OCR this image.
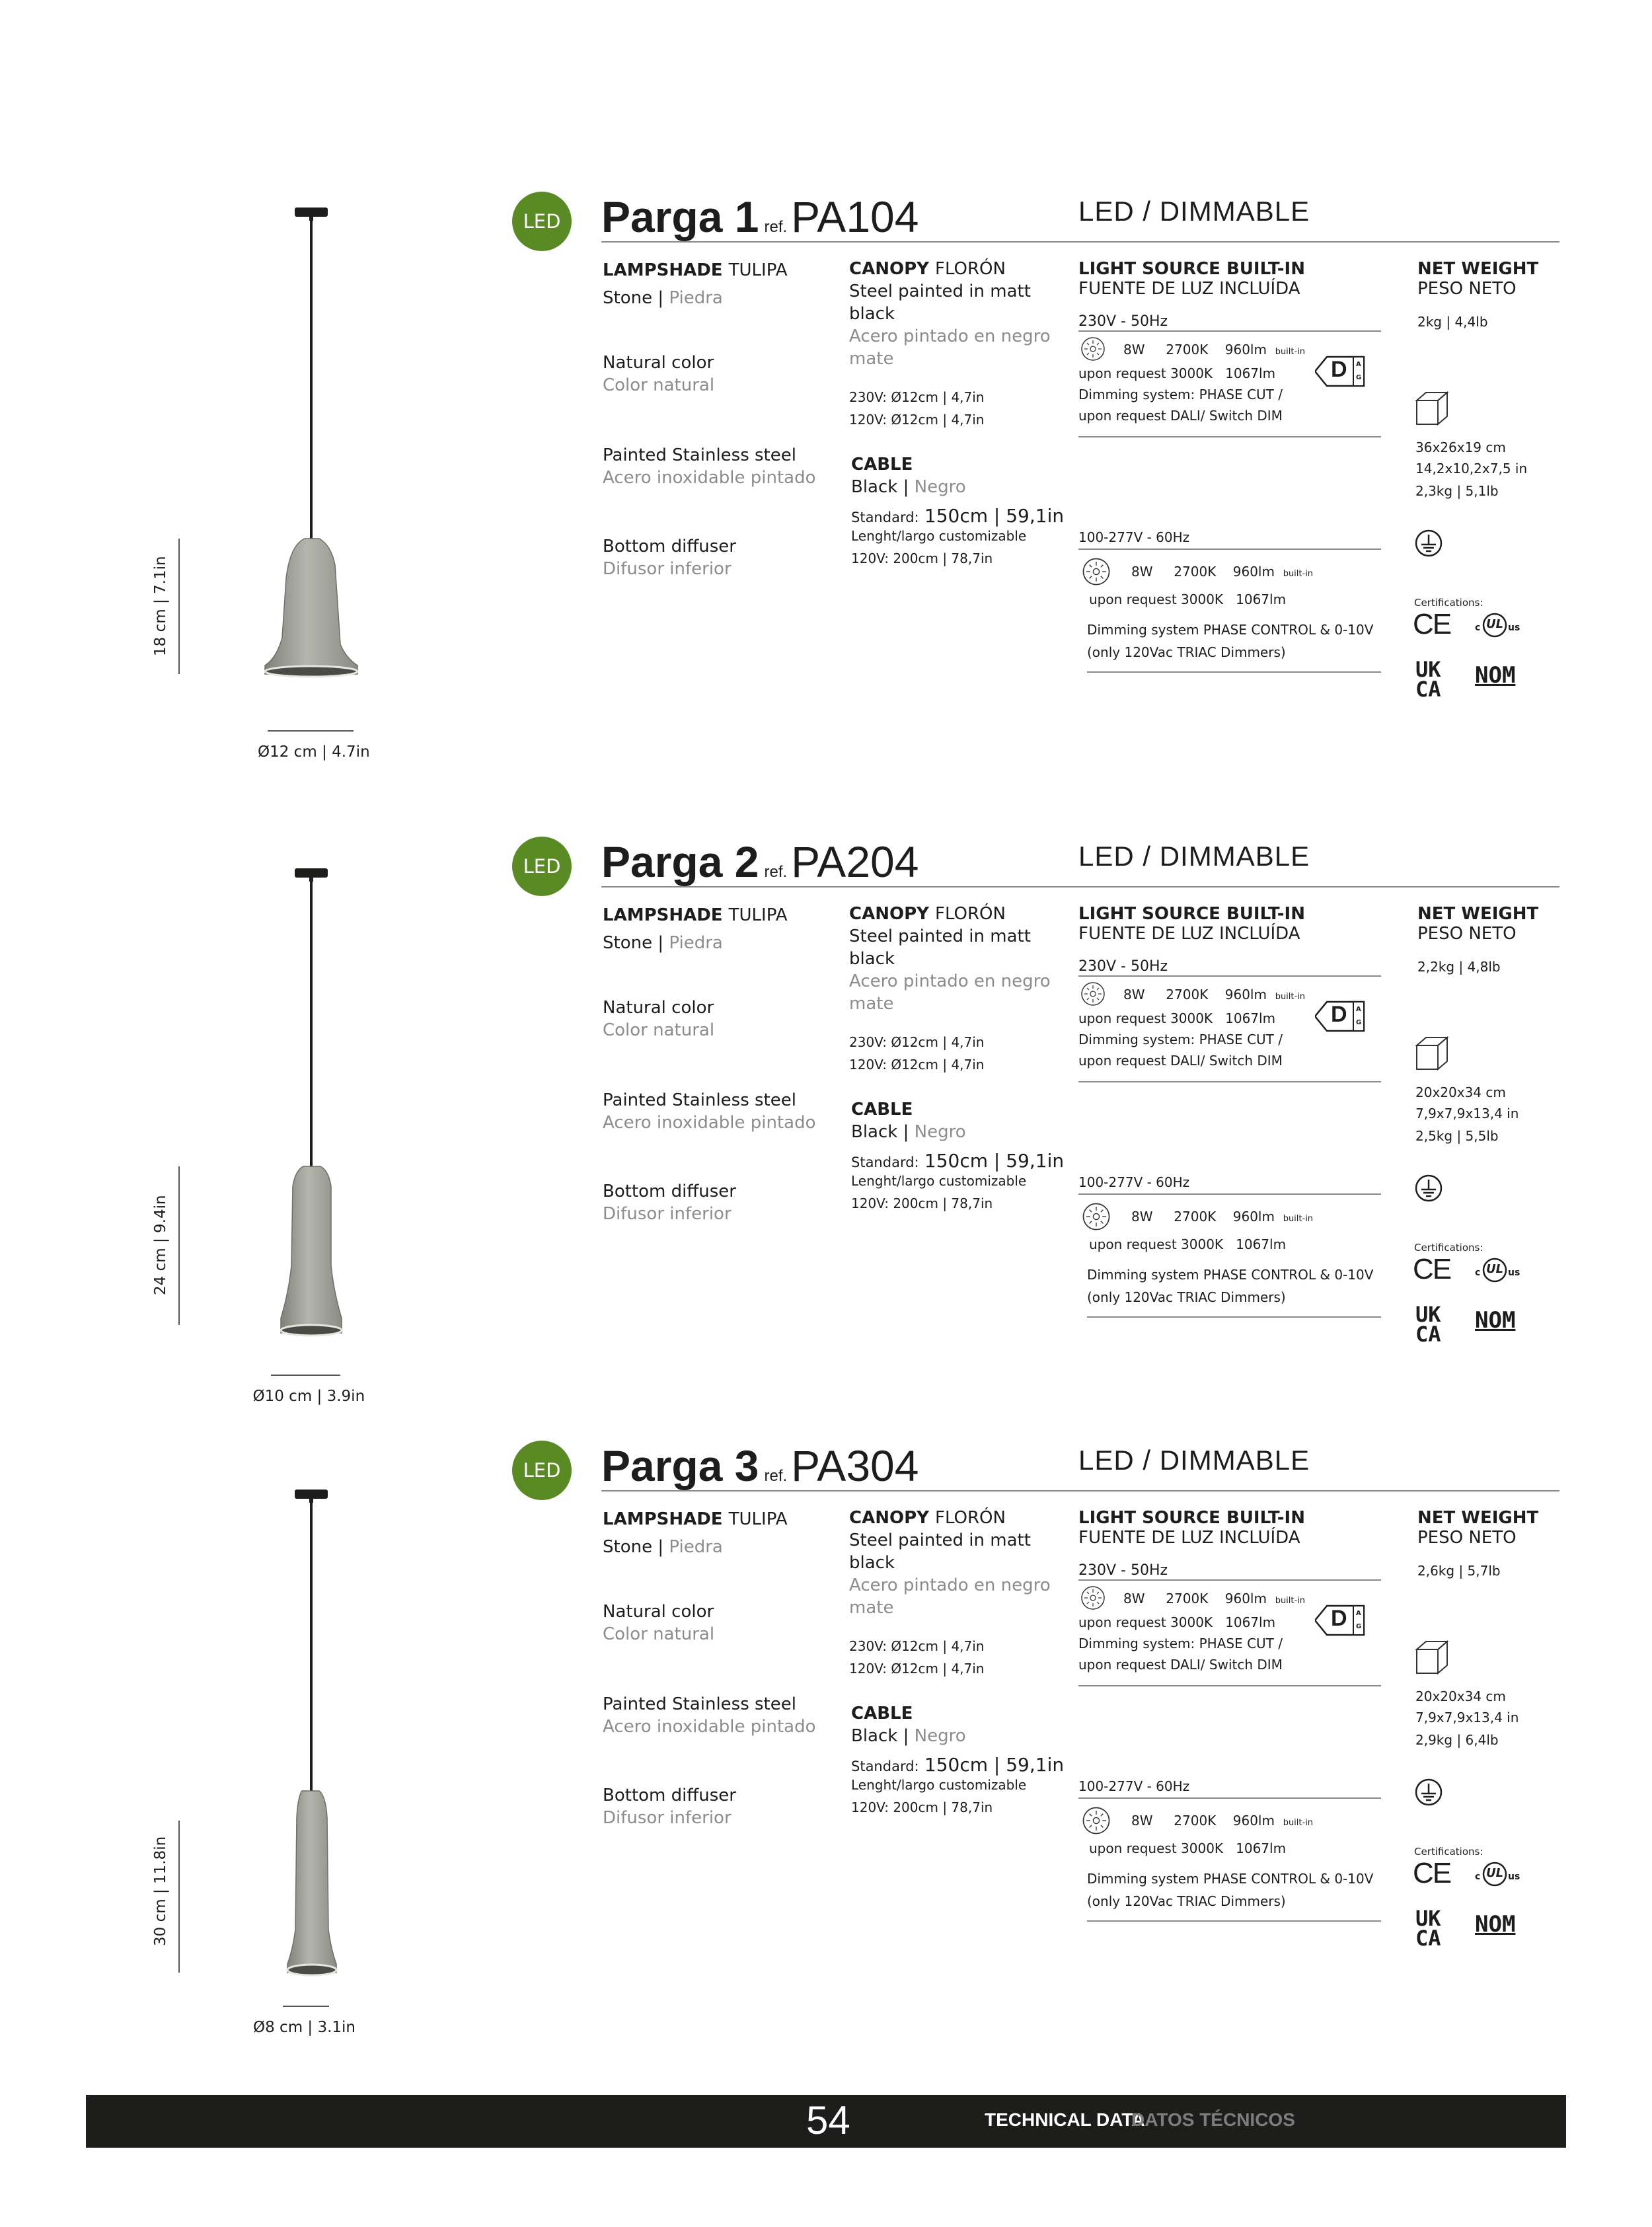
18 cm | 7.1in
Ø12 cm | 4.7in
LED Parga 1 ref.PA104	LED / DIMMABLE
LAMPSHADE TULIPA
Stone | Piedra
Natural color
Color natural
Painted Stainless steel
Acero inoxidable pintado
Bottom diffuser
Difusor inferior
CANOPY FLORÓN
Steel painted in matt
black
Acero pintado en negro
mate
230V: Ø12cm | 4,7in
120V: Ø12cm | 4,7in
CABLE
Black | Negro
Standard: 150cm | 59,1in
Lenght/largo customizable
120V: 200cm | 78,7in
LIGHT SOURCE BUILT-IN
FUENTE DE LUZ INCLUÍDA
230V - 50Hz
8W 2700K 960lm built-in
upon request 3000K 1067lm D A G
Dimming system: PHASE CUT /
upon request DALI/ Switch DIM
100-277V - 60Hz
8W 2700K 960lm built-in
upon request 3000K 1067lm
Dimming system PHASE CONTROL & 0-10V
(only 120Vac TRIAC Dimmers)
NET WEIGHT
PESO NETO
2kg | 4,4lb
36x26x19 cm
14,2x10,2x7,5 in
2,3kg | 5,1lb
Certifications:
CE	c UL us
UK
CA
NOM
24 cm | 9.4in
Ø10 cm | 3.9in
LED Parga 2 ref.PA204	LED / DIMMABLE
LAMPSHADE TULIPA
Stone | Piedra
Natural color
Color natural
Painted Stainless steel
Acero inoxidable pintado
Bottom diffuser
Difusor inferior
CANOPY FLORÓN
Steel painted in matt
black
Acero pintado en negro
mate
230V: Ø12cm | 4,7in
120V: Ø12cm | 4,7in
CABLE
Black | Negro
Standard: 150cm | 59,1in
Lenght/largo customizable
120V: 200cm | 78,7in
LIGHT SOURCE BUILT-IN
FUENTE DE LUZ INCLUÍDA
230V - 50Hz
8W 2700K 960lm built-in
upon request 3000K 1067lm D A G
Dimming system: PHASE CUT /
upon request DALI/ Switch DIM
100-277V - 60Hz
8W 2700K 960lm built-in
upon request 3000K 1067lm
Dimming system PHASE CONTROL & 0-10V
(only 120Vac TRIAC Dimmers)
NET WEIGHT
PESO NETO
2,2kg | 4,8lb
20x20x34 cm
7,9x7,9x13,4 in
2,5kg | 5,5lb
Certifications:
CE	c UL us
UK
CA
NOM
30 cm | 11.8in
Ø8 cm | 3.1in
LED Parga 3 ref.PA304	LED / DIMMABLE
LAMPSHADE TULIPA
Stone | Piedra
Natural color
Color natural
Painted Stainless steel
Acero inoxidable pintado
Bottom diffuser
Difusor inferior
CANOPY FLORÓN
Steel painted in matt
black
Acero pintado en negro
mate
230V: Ø12cm | 4,7in
120V: Ø12cm | 4,7in
CABLE
Black | Negro
Standard: 150cm | 59,1in
Lenght/largo customizable
120V: 200cm | 78,7in
LIGHT SOURCE BUILT-IN
FUENTE DE LUZ INCLUÍDA
230V - 50Hz
8W 2700K 960lm built-in
upon request 3000K 1067lm D A G
Dimming system: PHASE CUT /
upon request DALI/ Switch DIM
100-277V - 60Hz
8W 2700K 960lm built-in
upon request 3000K 1067lm
Dimming system PHASE CONTROL & 0-10V
(only 120Vac TRIAC Dimmers)
NET WEIGHT
PESO NETO
2,6kg | 5,7lb
20x20x34 cm
7,9x7,9x13,4 in
2,9kg | 6,4lb
Certifications:
CE	c UL us
UK
CA
NOM
54	TECHNICAL DATA
DATOS TÉCNICOS
